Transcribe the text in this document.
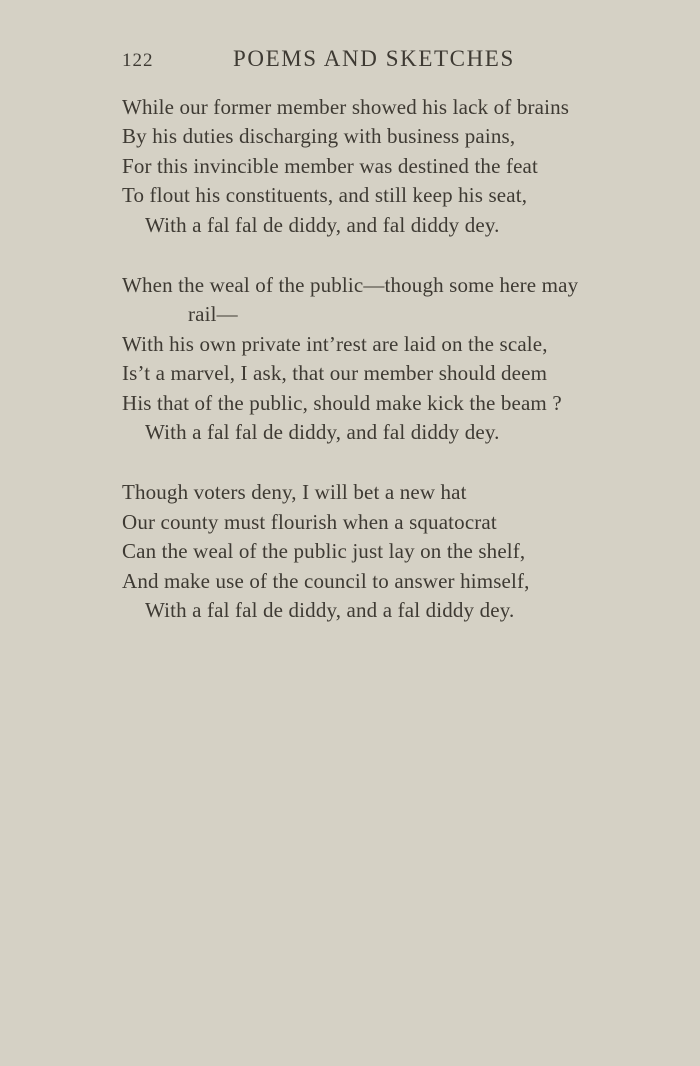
122	POEMS AND SKETCHES
While our former member showed his lack of brains
By his duties discharging with business pains,
For this invincible member was destined the feat
To flout his constituents, and still keep his seat,
With a fal fal de diddy, and fal diddy dey.
When the weal of the public—though some here may
rail—
With his own private int’rest are laid on the scale,
Is’t a marvel, I ask, that our member should deem
His that of the public, should make kick the beam ?
With a fal fal de diddy, and fal diddy dey.
Though voters deny, I will bet a new hat
Our county must flourish when a squatocrat
Can the weal of the public just lay on the shelf,
And make use of the council to answer himself,
With a fal fal de diddy, and a fal diddy dey.
